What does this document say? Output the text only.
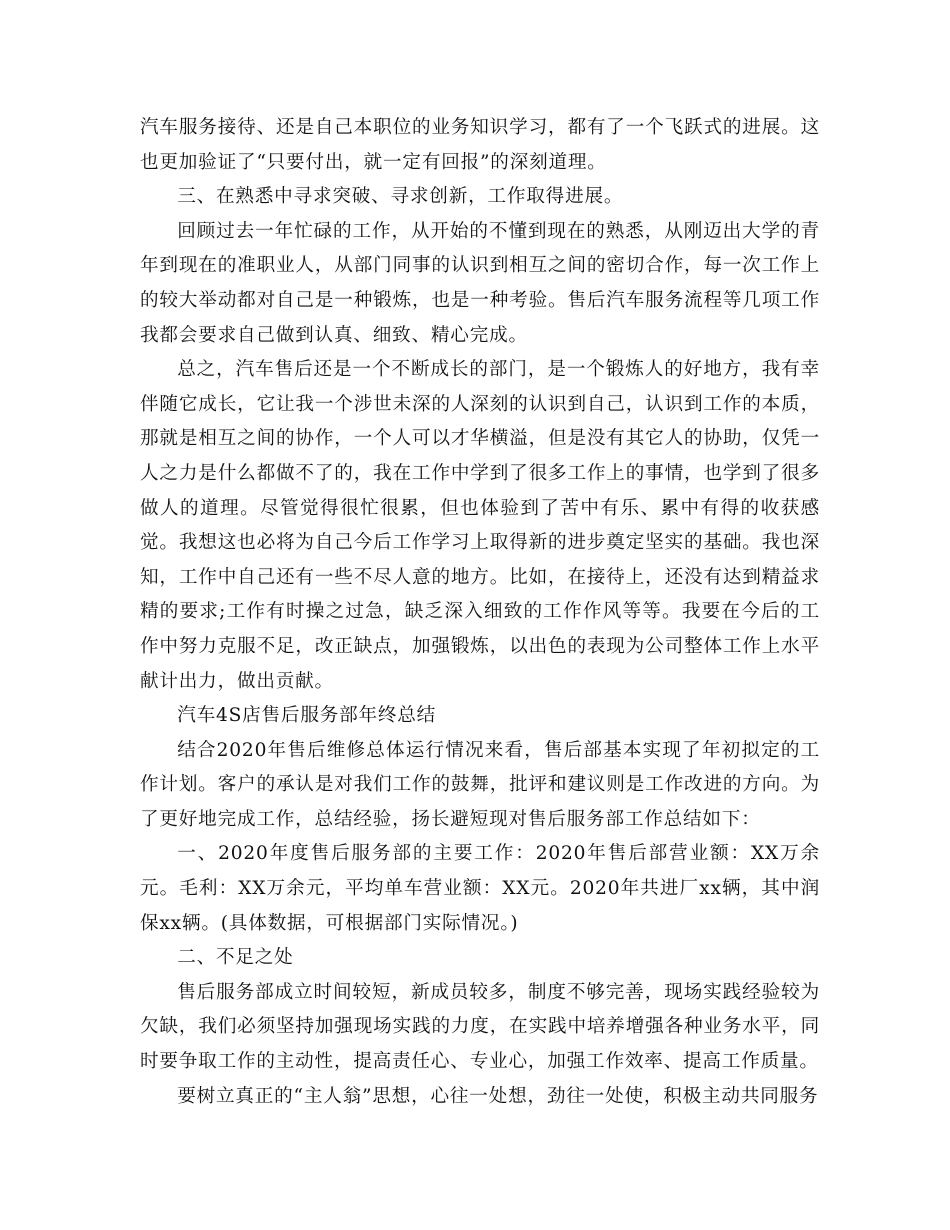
汽车服务接待、还是自己本职位的业务知识学习，都有了一个飞跃式的进展。这也更加验证了“只要付出，就一定有回报”的深刻道理。

三、在熟悉中寻求突破、寻求创新，工作取得进展。

回顾过去一年忙碌的工作，从开始的不懂到现在的熟悉，从刚迈出大学的青年到现在的准职业人，从部门同事的认识到相互之间的密切合作，每一次工作上的较大举动都对自己是一种锻炼，也是一种考验。售后汽车服务流程等几项工作我都会要求自己做到认真、细致、精心完成。

总之，汽车售后还是一个不断成长的部门，是一个锻炼人的好地方，我有幸伴随它成长，它让我一个涉世未深的人深刻的认识到自己，认识到工作的本质，那就是相互之间的协作，一个人可以才华横溢，但是没有其它人的协助，仅凭一人之力是什么都做不了的，我在工作中学到了很多工作上的事情，也学到了很多做人的道理。尽管觉得很忙很累，但也体验到了苦中有乐、累中有得的收获感觉。我想这也必将为自己今后工作学习上取得新的进步奠定坚实的基础。我也深知，工作中自己还有一些不尽人意的地方。比如，在接待上，还没有达到精益求精的要求;工作有时操之过急，缺乏深入细致的工作作风等等。我要在今后的工作中努力克服不足，改正缺点，加强锻炼，以出色的表现为公司整体工作上水平献计出力，做出贡献。

汽车4S店售后服务部年终总结

结合2020年售后维修总体运行情况来看，售后部基本实现了年初拟定的工作计划。客户的承认是对我们工作的鼓舞，批评和建议则是工作改进的方向。为了更好地完成工作，总结经验，扬长避短现对售后服务部工作总结如下：

一、2020年度售后服务部的主要工作：2020年售后部营业额：XX万余元。毛利：XX万余元，平均单车营业额：XX元。2020年共进厂xx辆，其中润保xx辆。(具体数据，可根据部门实际情况。)

二、不足之处

售后服务部成立时间较短，新成员较多，制度不够完善，现场实践经验较为欠缺，我们必须坚持加强现场实践的力度，在实践中培养增强各种业务水平，同时要争取工作的主动性，提高责任心、专业心，加强工作效率、提高工作质量。

要树立真正的“主人翁”思想，心往一处想，劲往一处使，积极主动共同服务
